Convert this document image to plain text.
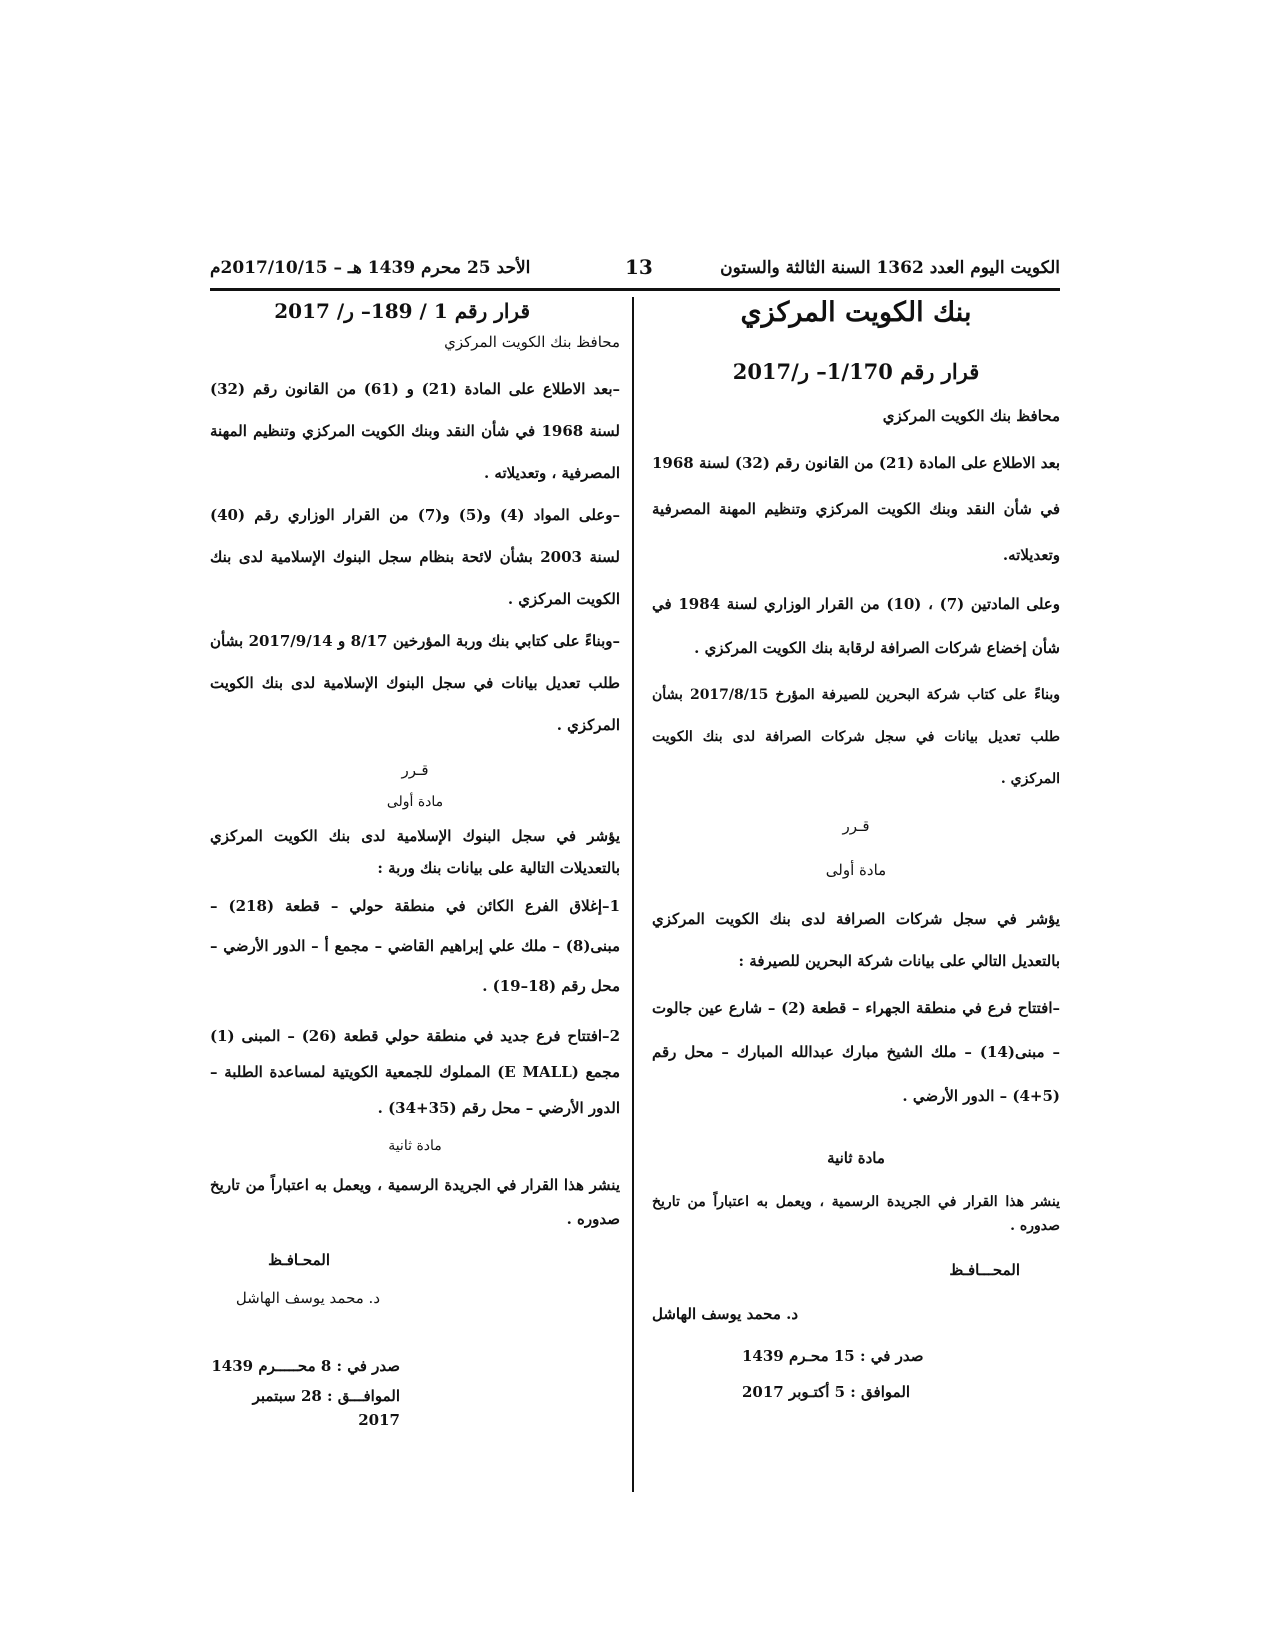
الكويت اليوم العدد 1362 السنة الثالثة والستون
13
الأحد 25 محرم 1439 هـ – 2017/10/15م

بنك الكويت المركزي

قرار رقم 1/170– ر/2017

محافظ بنك الكويت المركزي

بعد الاطلاع على المادة (21) من القانون رقم (32) لسنة 1968 في شأن النقد وبنك الكويت المركزي وتنظيم المهنة المصرفية وتعديلاته.

وعلى المادتين (7) ، (10) من القرار الوزاري لسنة 1984 في شأن إخضاع شركات الصرافة لرقابة بنك الكويت المركزي .

وبناءً على كتاب شركة البحرين للصيرفة المؤرخ 2017/8/15 بشأن طلب تعديل بيانات في سجل شركات الصرافة لدى بنك الكويت المركزي .

قـرر

مادة أولى

يؤشر في سجل شركات الصرافة لدى بنك الكويت المركزي بالتعديل التالي على بيانات شركة البحرين للصيرفة :

–افتتاح فرع في منطقة الجهراء – قطعة (2) – شارع عين جالوت – مبنى(14) – ملك الشيخ مبارك عبدالله المبارك – محل رقم (5+4) – الدور الأرضي .

مادة ثانية

ينشر هذا القرار في الجريدة الرسمية ، ويعمل به اعتباراً من تاريخ صدوره .

المحـــافـظ

د. محمد يوسف الهاشل

صدر في : 15 محـرم 1439

الموافق : 5 أكتـوبر 2017

قرار رقم 1 / 189– ر/ 2017

محافظ بنك الكويت المركزي

–بعد الاطلاع على المادة (21) و (61) من القانون رقم (32) لسنة 1968 في شأن النقد وبنك الكويت المركزي وتنظيم المهنة المصرفية ، وتعديلاته .

–وعلى المواد (4) و(5) و(7) من القرار الوزاري رقم (40) لسنة 2003 بشأن لائحة بنظام سجل البنوك الإسلامية لدى بنك الكويت المركزي .

–وبناءً على كتابي بنك وربة المؤرخين 8/17 و 2017/9/14 بشأن طلب تعديل بيانات في سجل البنوك الإسلامية لدى بنك الكويت المركزي .

قـرر

مادة أولى

يؤشر في سجل البنوك الإسلامية لدى بنك الكويت المركزي بالتعديلات التالية على بيانات بنك وربة :

1–إغلاق الفرع الكائن في منطقة حولي – قطعة (218) – مبنى(8) – ملك علي إبراهيم القاضي – مجمع أ – الدور الأرضي – محل رقم (18–19) .

2–افتتاح فرع جديد في منطقة حولي قطعة (26) – المبنى (1) مجمع (E MALL) المملوك للجمعية الكويتية لمساعدة الطلبة – الدور الأرضي – محل رقم (35+34) .

مادة ثانية

ينشر هذا القرار في الجريدة الرسمية ، ويعمل به اعتباراً من تاريخ صدوره .

المحـافـظ

د. محمد يوسف الهاشل

صدر في : 8 محـــــرم 1439

الموافـــق : 28 سبتمبر 2017
